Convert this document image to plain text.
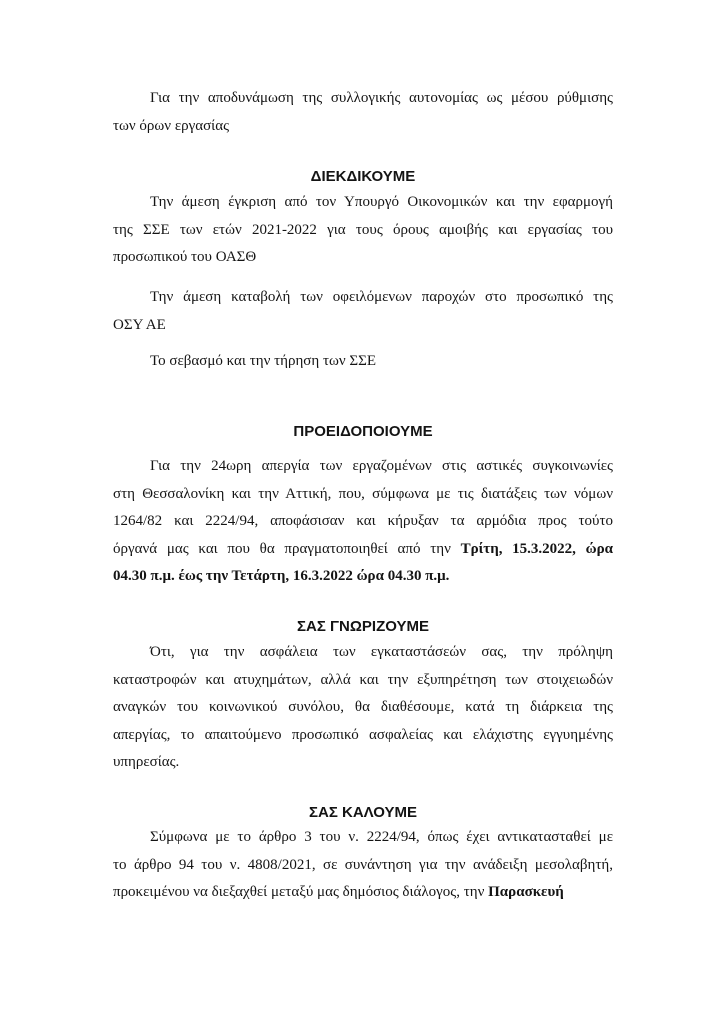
Για την αποδυνάμωση της συλλογικής αυτονομίας ως μέσου ρύθμισης
των όρων εργασίας
ΔΙΕΚΔΙΚΟΥΜΕ
Την άμεση έγκριση από τον Υπουργό Οικονομικών και την εφαρμογή
της ΣΣΕ των ετών 2021-2022 για τους όρους αμοιβής και εργασίας του
προσωπικού του ΟΑΣΘ
Την άμεση καταβολή των οφειλόμενων παροχών στο προσωπικό της
ΟΣΥ ΑΕ
Το σεβασμό και την τήρηση των ΣΣΕ
ΠΡΟΕΙΔΟΠΟΙΟΥΜΕ
Για την 24ωρη απεργία των εργαζομένων στις αστικές συγκοινωνίες
στη Θεσσαλονίκη και την Αττική, που, σύμφωνα με τις διατάξεις των νόμων
1264/82 και 2224/94, αποφάσισαν και κήρυξαν τα αρμόδια προς τούτο
όργανά μας και που θα πραγματοποιηθεί από την Τρίτη, 15.3.2022, ώρα
04.30 π.μ. έως την Τετάρτη, 16.3.2022 ώρα 04.30 π.μ.
ΣΑΣ ΓΝΩΡΙΖΟΥΜΕ
Ότι, για την ασφάλεια των εγκαταστάσεών σας, την πρόληψη
καταστροφών και ατυχημάτων, αλλά και την εξυπηρέτηση των στοιχειωδών
αναγκών του κοινωνικού συνόλου, θα διαθέσουμε, κατά τη διάρκεια της
απεργίας, το απαιτούμενο προσωπικό ασφαλείας και ελάχιστης εγγυημένης
υπηρεσίας.
ΣΑΣ ΚΑΛΟΥΜΕ
Σύμφωνα με το άρθρο 3 του ν. 2224/94, όπως έχει αντικατασταθεί με
το άρθρο 94 του ν. 4808/2021, σε συνάντηση για την ανάδειξη μεσολαβητή,
προκειμένου να διεξαχθεί μεταξύ μας δημόσιος διάλογος, την Παρασκευή
